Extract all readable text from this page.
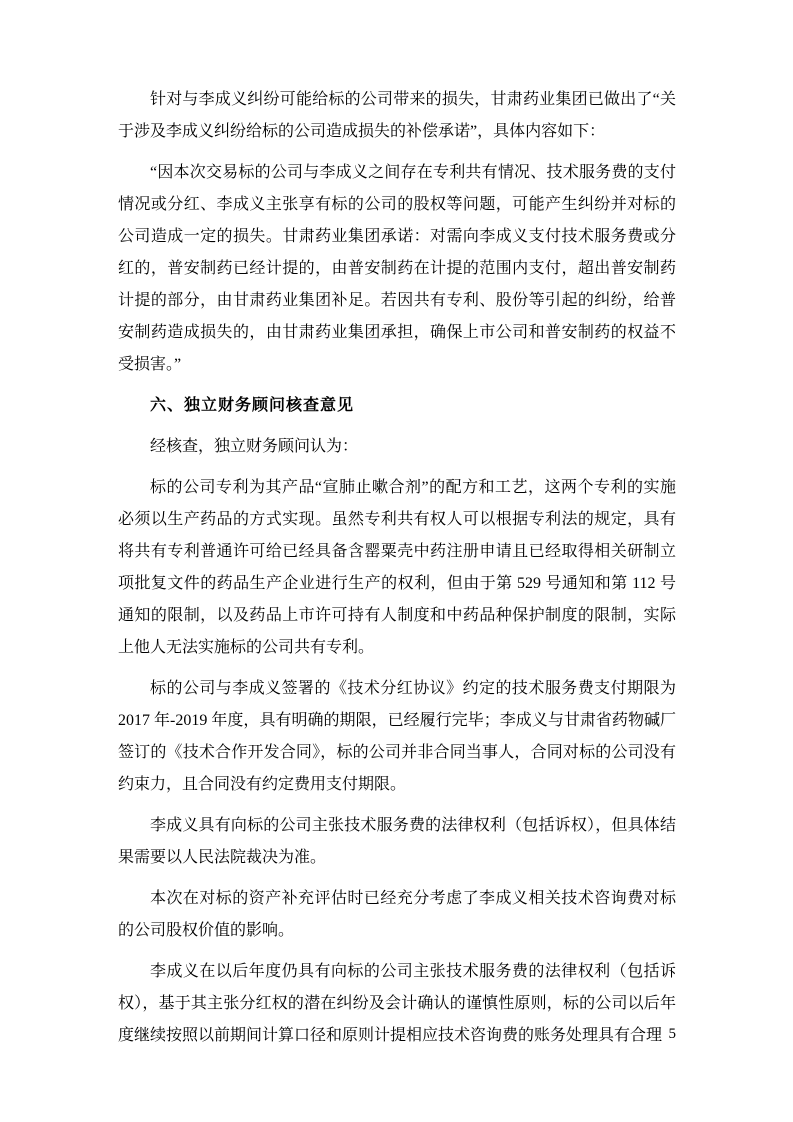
针对与李成义纠纷可能给标的公司带来的损失，甘肃药业集团已做出了“关于涉及李成义纠纷给标的公司造成损失的补偿承诺”，具体内容如下：

“因本次交易标的公司与李成义之间存在专利共有情况、技术服务费的支付情况或分红、李成义主张享有标的公司的股权等问题，可能产生纠纷并对标的公司造成一定的损失。甘肃药业集团承诺：对需向李成义支付技术服务费或分红的，普安制药已经计提的，由普安制药在计提的范围内支付，超出普安制药计提的部分，由甘肃药业集团补足。若因共有专利、股份等引起的纠纷，给普安制药造成损失的，由甘肃药业集团承担，确保上市公司和普安制药的权益不受损害。”

六、独立财务顾问核查意见

经核查，独立财务顾问认为：

标的公司专利为其产品“宣肺止嗽合剂”的配方和工艺，这两个专利的实施必须以生产药品的方式实现。虽然专利共有权人可以根据专利法的规定，具有将共有专利普通许可给已经具备含罂粟壳中药注册申请且已经取得相关研制立项批复文件的药品生产企业进行生产的权利，但由于第 529 号通知和第 112 号通知的限制，以及药品上市许可持有人制度和中药品种保护制度的限制，实际上他人无法实施标的公司共有专利。

标的公司与李成义签署的《技术分红协议》约定的技术服务费支付期限为 2017 年-2019 年度，具有明确的期限，已经履行完毕；李成义与甘肃省药物碱厂签订的《技术合作开发合同》，标的公司并非合同当事人，合同对标的公司没有约束力，且合同没有约定费用支付期限。

李成义具有向标的公司主张技术服务费的法律权利（包括诉权），但具体结果需要以人民法院裁决为准。

本次在对标的资产补充评估时已经充分考虑了李成义相关技术咨询费对标的公司股权价值的影响。

李成义在以后年度仍具有向标的公司主张技术服务费的法律权利（包括诉权），基于其主张分红权的潜在纠纷及会计确认的谨慎性原则，标的公司以后年度继续按照以前期间计算口径和原则计提相应技术咨询费的账务处理具有合理 5
